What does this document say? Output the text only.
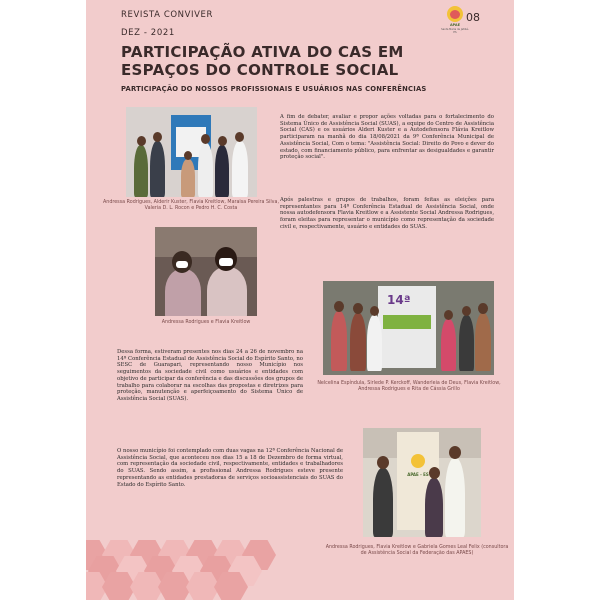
REVISTA CONVIVER
DEZ - 2021
APAE
Santa Maria de Jetibá-ES
08
PARTICIPAÇÃO ATIVA DO CAS EM ESPAÇOS DO CONTROLE SOCIAL
PARTICIPAÇÃO DO NOSSOS PROFISSIONAIS E USUÁRIOS NAS CONFERÊNCIAS
Andressa Rodrigues, Alderir Kuster, Flavia Kreitlow, Maraisa Pereira Silva, Valeria D. L. Rocon e Pedro H. C. Costa

A fim de debater, avaliar e propor ações voltadas para o fortalecimento do Sistema Único de Assistência Social (SUAS), a equipe do Centro de Assistência Social (CAS) e os usuários Alderi Kuster e a Autodefensora Flávia Kreitlow participaram na manhã do dia 18/08/2021 da 9ª Conferência Municipal de Assistência Social, Com o tema: "Assistência Social: Direito do Povo e dever do estado, com financiamento público, para enfrentar as desigualdades e garantir proteção social".

Após palestras e grupos de trabalhos, foram feitas as eleições para representantes para 14ª Conferência Estadual de Assistência Social, onde nossa autodefensora Flavia Kreitlow e a Assistente Social Andressa Rodrigues, foram eleitas para representar o município como representação da sociedade civil e, respectivamente, usuário e entidades do SUAS.

Andressa Rodrigues e Flavia Kreitlow
14ª
Nelcelina Espíndula, Sirlede P. Kerckoff, Wanderleia de Deus, Flavia Kreitlow, Andressa Rodrigues e Rita de Cássia Grillo

Dessa forma, estiveram presentes nos dias 24 a 26 de novembro na 14ª Conferência Estadual de Assistência Social do Espírito Santo, no SESC de Guarapari, representando nosso Município nos seguimentos da sociedade civil como usuários e entidades com objetivo de participar da conferência e das discussões dos grupos de trabalho para colaborar na escolhas das propostas e diretrizes para proteção, manutenção e aperfeiçoamento do Sistema Único de Assistência Social (SUAS).

O nosso município foi contemplado com duas vagas na 12ª Conferência Nacional de Assistência Social, que aconteceu nos dias 15 a 18 de Dezembro de forma virtual, com representação da sociedade civil, respectivamente, entidades e trabalhadores do SUAS. Sendo assim, a profissional Andressa Rodrigues esteve presente representando as entidades prestadoras de serviços socioassistenciais do SUAS do Estado do Espírito Santo.

APAE - ES
Andressa Rodrigues, Flavia Kreitlow e Gabriela Gomes Leal Felix (consultora de Assistência Social da Federação das APAES)
